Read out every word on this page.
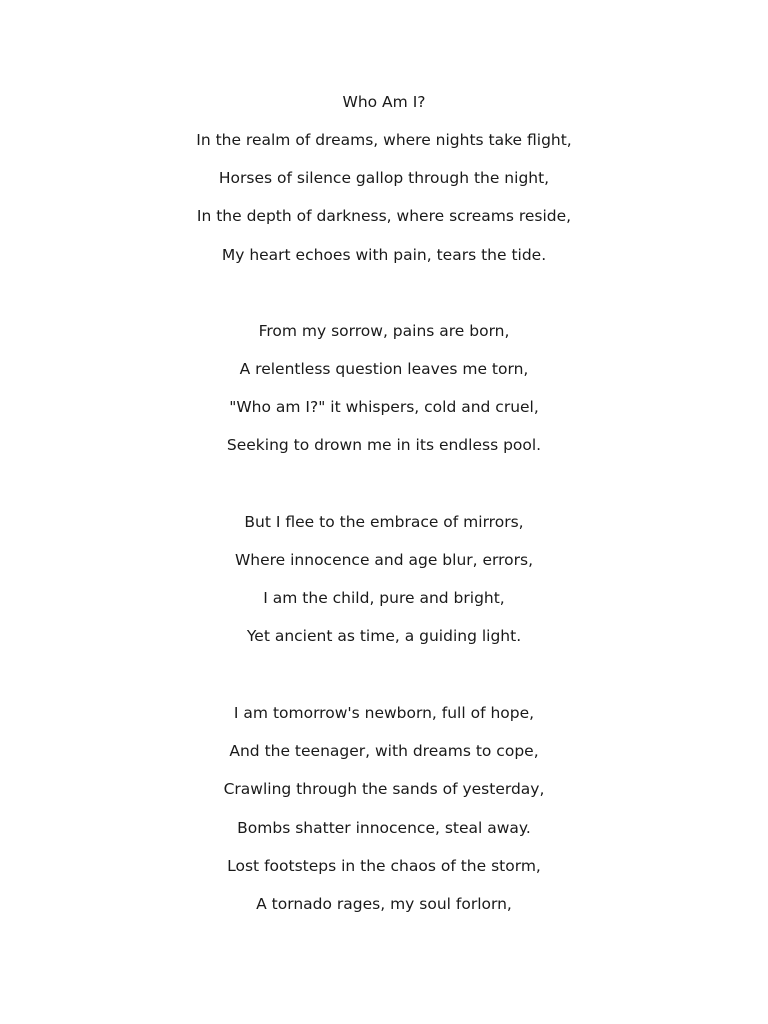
Who Am I?
In the realm of dreams, where nights take flight,
Horses of silence gallop through the night,
In the depth of darkness, where screams reside,
My heart echoes with pain, tears the tide.
From my sorrow, pains are born,
A relentless question leaves me torn,
"Who am I?" it whispers, cold and cruel,
Seeking to drown me in its endless pool.
But I flee to the embrace of mirrors,
Where innocence and age blur, errors,
I am the child, pure and bright,
Yet ancient as time, a guiding light.
I am tomorrow's newborn, full of hope,
And the teenager, with dreams to cope,
Crawling through the sands of yesterday,
Bombs shatter innocence, steal away.
Lost footsteps in the chaos of the storm,
A tornado rages, my soul forlorn,
